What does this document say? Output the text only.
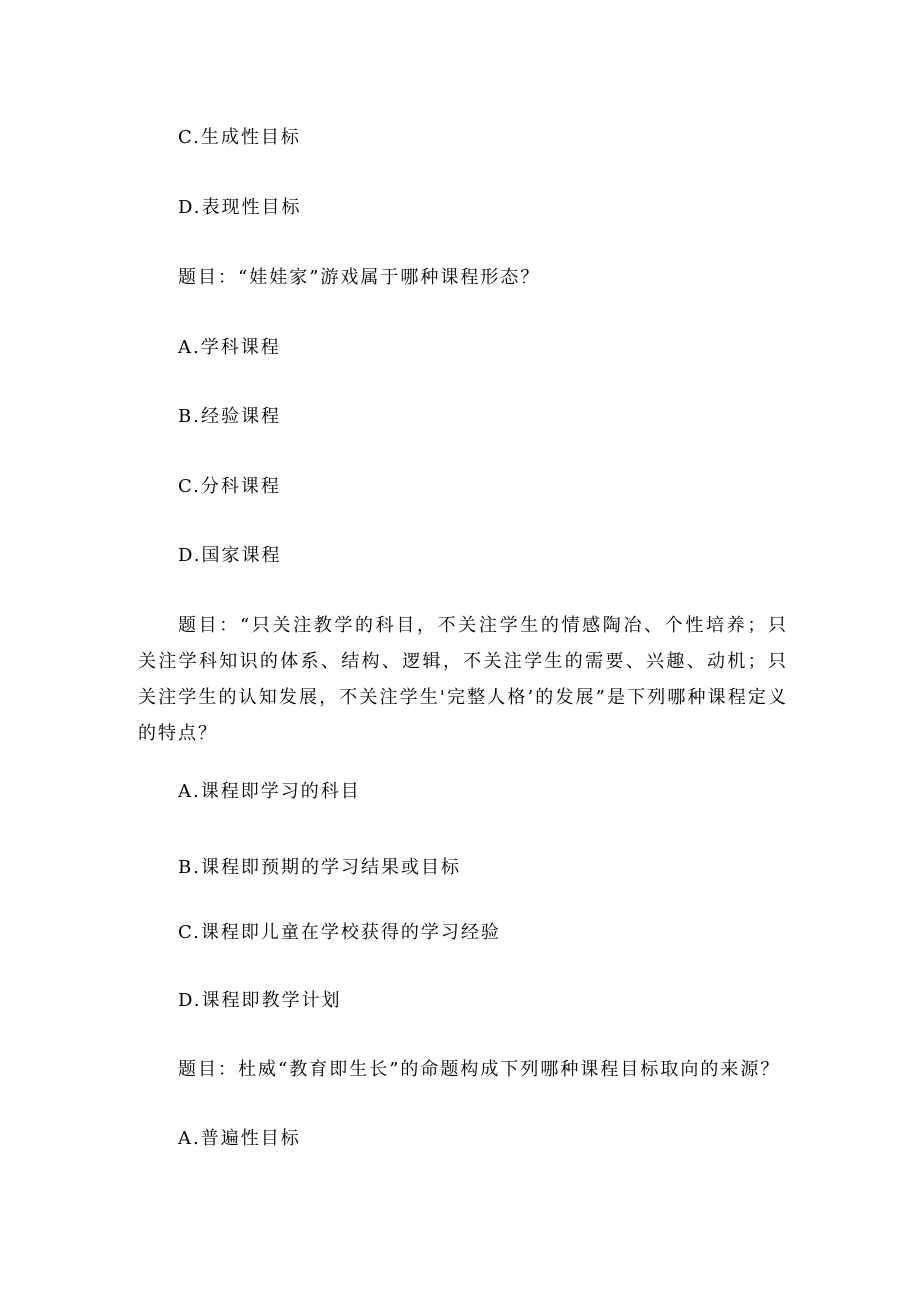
C.生成性目标
D.表现性目标
题目：“娃娃家”游戏属于哪种课程形态？
A.学科课程
B.经验课程
C.分科课程
D.国家课程
题目：“只关注教学的科目，不关注学生的情感陶冶、个性培养；只关注学科知识的体系、结构、逻辑，不关注学生的需要、兴趣、动机；只关注学生的认知发展，不关注学生'完整人格’的发展”是下列哪种课程定义的特点？
A.课程即学习的科目
B.课程即预期的学习结果或目标
C.课程即儿童在学校获得的学习经验
D.课程即教学计划
题目：杜威“教育即生长”的命题构成下列哪种课程目标取向的来源？
A.普遍性目标
